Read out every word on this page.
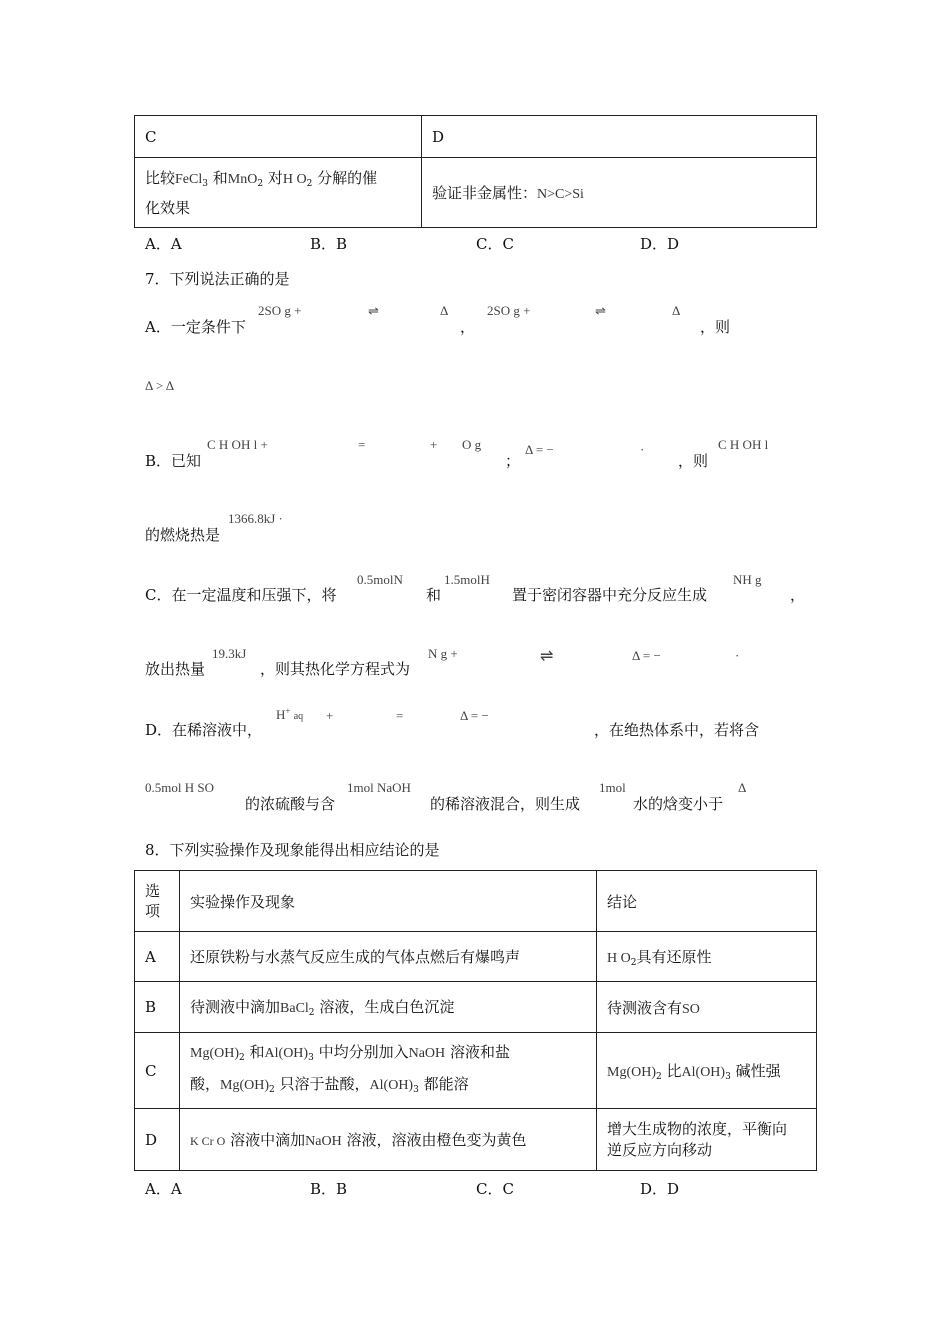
C	D
比较FeCl$_3$ 和MnO$_2$ 对H $O_2$ 分解的催
化效果	验证非金属性：N>C>Si
A．A	B．B	C．C	D．D
7．下列说法正确的是
A．一定条件下
2SO g +	⇌	Δ
，
2SO g +	⇌	Δ
，则
Δ > Δ
B．已知
C H OH l +	=	+ O g
；
Δ = −	·
，则
C H OH l
的燃烧热是
1366.8kJ ·
C．在一定温度和压强下，将
0.5molN
和
1.5molH
置于密闭容器中充分反应生成
NH g
，
放出热量
19.3kJ
，则其热化学方程式为
N g +	⇌	Δ = −	·
D．在稀溶液中，
H+ aq +	=	Δ = −
，在绝热体系中，若将含
0.5mol H SO
的浓硫酸与含
1mol NaOH
的稀溶液混合，则生成
1mol
水的焓变小于
Δ
8．下列实验操作及现象能得出相应结论的是
选项	实验操作及现象	结论
A	还原铁粉与水蒸气反应生成的气体点燃后有爆鸣声	H $O_2$具有还原性
B	待测液中滴加BaCl$_2$ 溶液，生成白色沉淀	待测液含有SO
C	$Mg(OH)_2$ 和$Al(OH)_3$ 中均分别加入NaOH 溶液和盐
酸，$Mg(OH)_2$ 只溶于盐酸，$Al(OH)_3$ 都能溶	$Mg(OH)_2$ 比$Al(OH)_3$ 碱性强
D	K Cr O 溶液中滴加NaOH 溶液，溶液由橙色变为黄色	增大生成物的浓度，平衡向
逆反应方向移动
A．A	B．B	C．C	D．D
